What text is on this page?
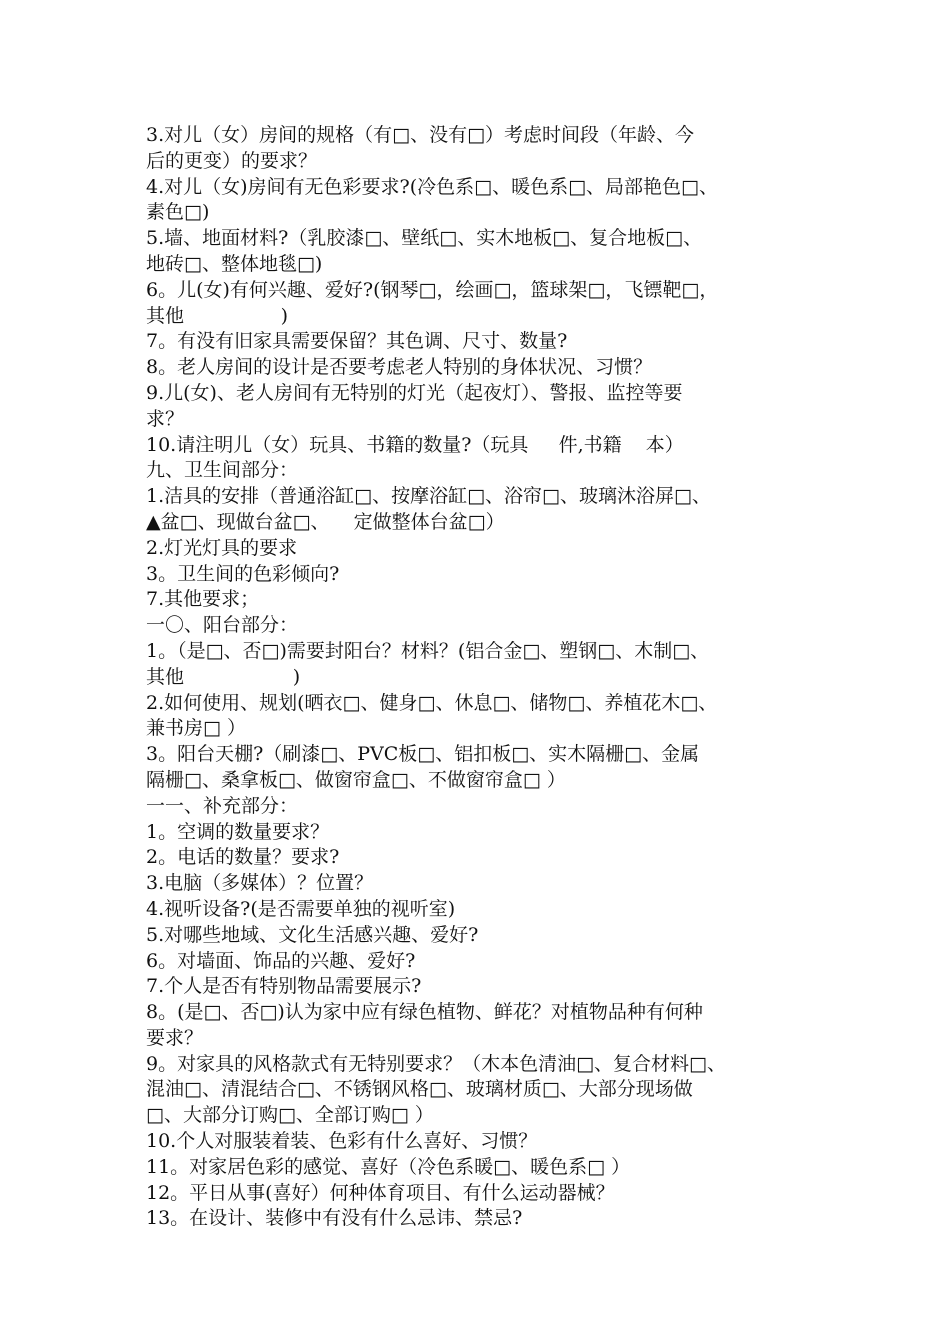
3.对儿（女）房间的规格（有□、没有□）考虑时间段（年龄、今
后的更变）的要求？
4.对儿（女)房间有无色彩要求?(冷色系□、暖色系□、局部艳色□、
素色□)
5.墙、地面材料?（乳胶漆□、壁纸□、实木地板□、复合地板□、
地砖□、整体地毯□)
6。儿(女)有何兴趣、爱好?(钢琴□，绘画□，篮球架□，飞镖靶□，
其他                )
7。有没有旧家具需要保留？其色调、尺寸、数量?
8。老人房间的设计是否要考虑老人特别的身体状况、习惯？
9.儿(女)、老人房间有无特别的灯光（起夜灯）、警报、监控等要
求？
10.请注明儿（女）玩具、书籍的数量?（玩具     件,书籍    本）
九、卫生间部分：
1.洁具的安排（普通浴缸□、按摩浴缸□、浴帘□、玻璃沐浴屏□、
▲盆□、现做台盆□、    定做整体台盆□）
2.灯光灯具的要求
3。卫生间的色彩倾向?
7.其他要求；
一〇、阳台部分：
1。（是□、否□)需要封阳台？材料？(铝合金□、塑钢□、木制□、
其他                  )
2.如何使用、规划(晒衣□、健身□、休息□、储物□、养植花木□、
兼书房□ ）
3。阳台天棚?（刷漆□、PVC板□、铝扣板□、实木隔栅□、金属
隔栅□、桑拿板□、做窗帘盒□、不做窗帘盒□ ）
一一、补充部分：
1。空调的数量要求？
2。电话的数量？要求?
3.电脑（多媒体）？位置？
4.视听设备?(是否需要单独的视听室)
5.对哪些地域、文化生活感兴趣、爱好?
6。对墙面、饰品的兴趣、爱好?
7.个人是否有特别物品需要展示?
8。(是□、否□)认为家中应有绿色植物、鲜花？对植物品种有何种
要求？
9。对家具的风格款式有无特别要求？（木本色清油□、复合材料□、
混油□、清混结合□、不锈钢风格□、玻璃材质□、大部分现场做
□、大部分订购□、全部订购□ ）
10.个人对服装着装、色彩有什么喜好、习惯？
11。对家居色彩的感觉、喜好（冷色系暖□、暖色系□ ）
12。平日从事(喜好）何种体育项目、有什么运动器械？
13。在设计、装修中有没有什么忌讳、禁忌?
